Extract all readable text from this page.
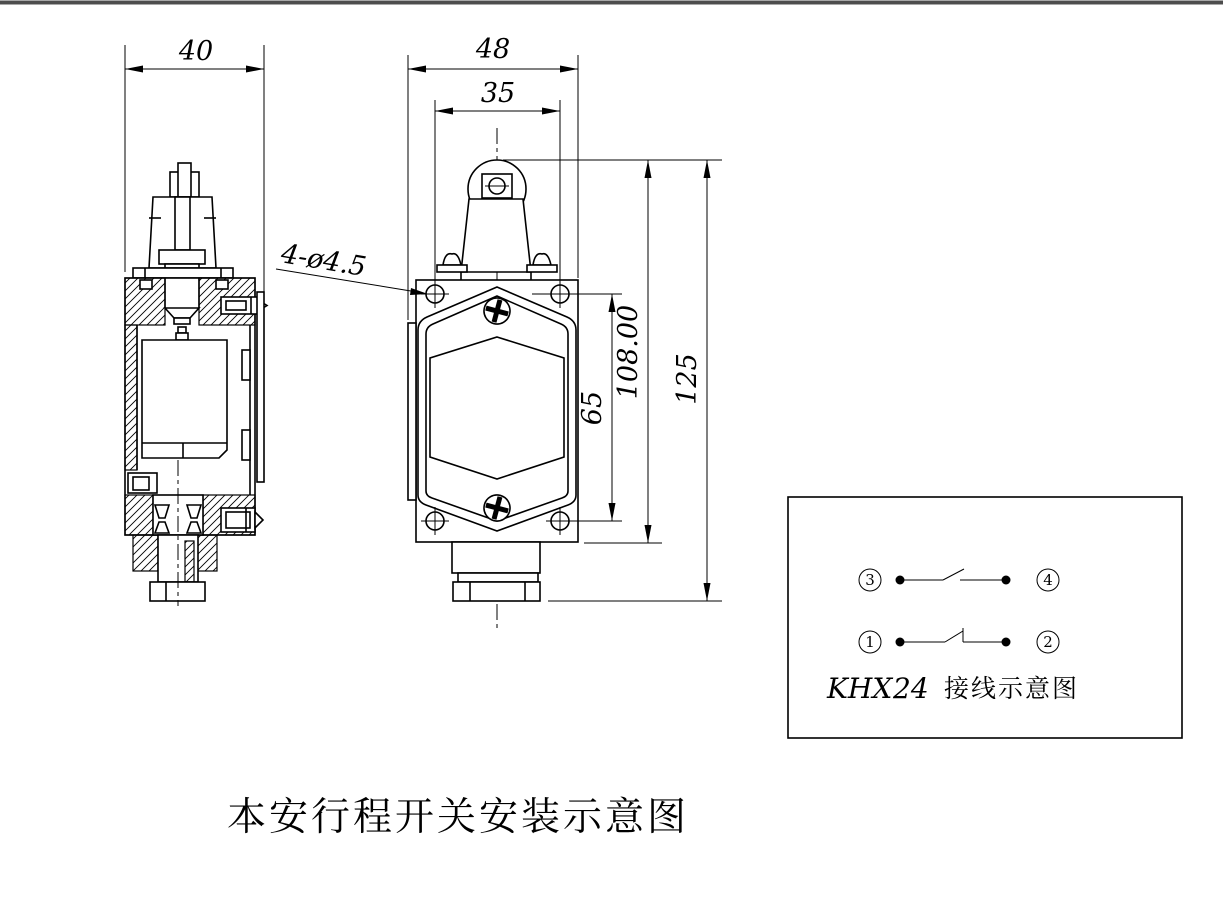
40	48
35
65
108.00 125
4-ø4.5
3	4
1	2
KHX 24 接线示意图
本安行程开关安装示意图
